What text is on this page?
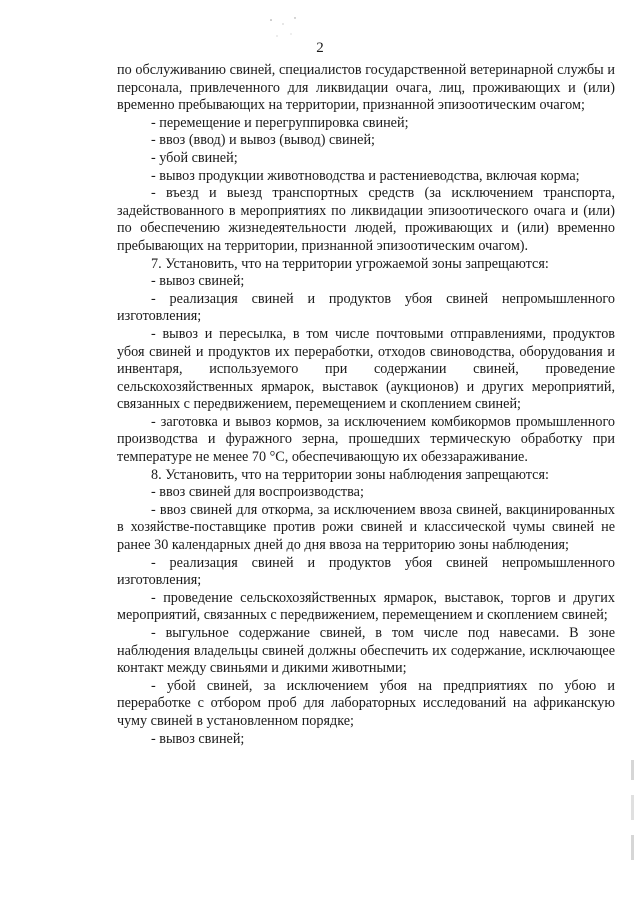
2

по обслуживанию свиней, специалистов государственной ветеринарной службы и персонала, привлеченного для ликвидации очага, лиц, проживающих и (или) временно пребывающих на территории, признанной эпизоотическим очагом;

- перемещение и перегруппировка свиней;

- ввоз (ввод) и вывоз (вывод) свиней;

- убой свиней;

- вывоз продукции животноводства и растениеводства, включая корма;

- въезд и выезд транспортных средств (за исключением транспорта, задействованного в мероприятиях по ликвидации эпизоотического очага и (или) по обеспечению жизнедеятельности людей, проживающих и (или) временно пребывающих на территории, признанной эпизоотическим очагом).

7. Установить, что на территории угрожаемой зоны запрещаются:

- вывоз свиней;

- реализация свиней и продуктов убоя свиней непромышленного изготовления;

- вывоз и пересылка, в том числе почтовыми отправлениями, продуктов убоя свиней и продуктов их переработки, отходов свиноводства, оборудования и инвентаря, используемого при содержании свиней, проведение сельскохозяйственных ярмарок, выставок (аукционов) и других мероприятий, связанных с передвижением, перемещением и скоплением свиней;

- заготовка и вывоз кормов, за исключением комбикормов промышленного производства и фуражного зерна, прошедших термическую обработку при температуре не менее 70 °С, обеспечивающую их обеззараживание.

8. Установить, что на территории зоны наблюдения запрещаются:

- ввоз свиней для воспроизводства;

- ввоз свиней для откорма, за исключением ввоза свиней, вакцинированных в хозяйстве-поставщике против рожи свиней и классической чумы свиней не ранее 30 календарных дней до дня ввоза на территорию зоны наблюдения;

- реализация свиней и продуктов убоя свиней непромышленного изготовления;

- проведение сельскохозяйственных ярмарок, выставок, торгов и других мероприятий, связанных с передвижением, перемещением и скоплением свиней;

- выгульное содержание свиней, в том числе под навесами. В зоне наблюдения владельцы свиней должны обеспечить их содержание, исключающее контакт между свиньями и дикими животными;

- убой свиней, за исключением убоя на предприятиях по убою и переработке с отбором проб для лабораторных исследований на африканскую чуму свиней в установленном порядке;

- вывоз свиней;
